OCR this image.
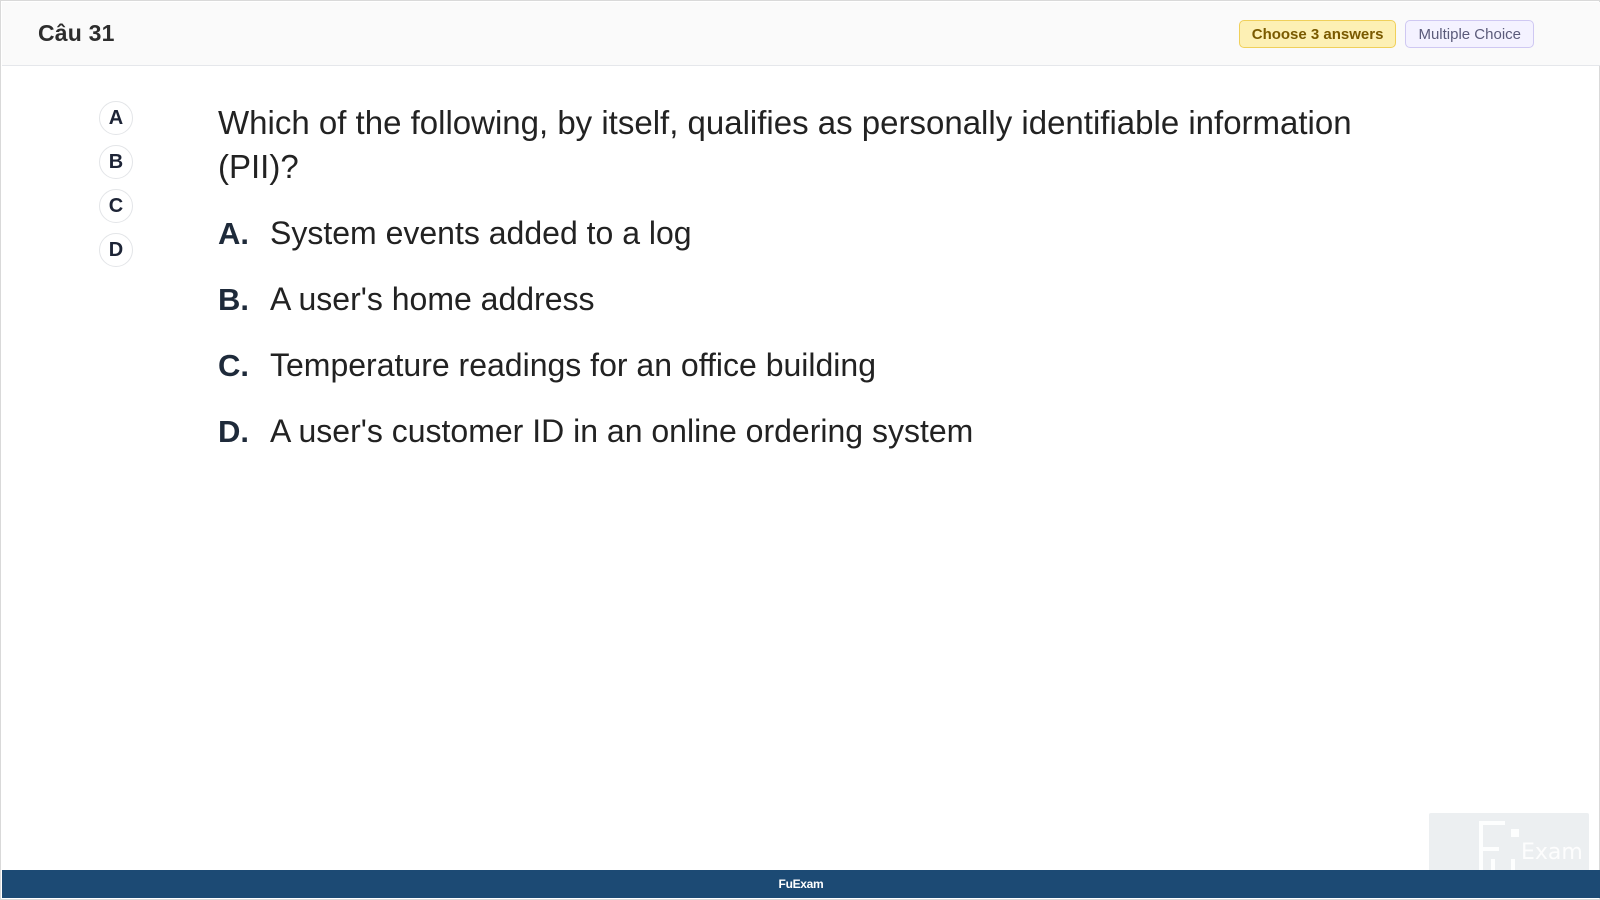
Câu 31	Choose 3 answers	Multiple Choice
A
B
C
D
Which of the following, by itself, qualifies as personally identifiable information (PII)?
A. System events added to a log
B. A user's home address
C. Temperature readings for an office building
D. A user's customer ID in an online ordering system
Exam
FuExam
